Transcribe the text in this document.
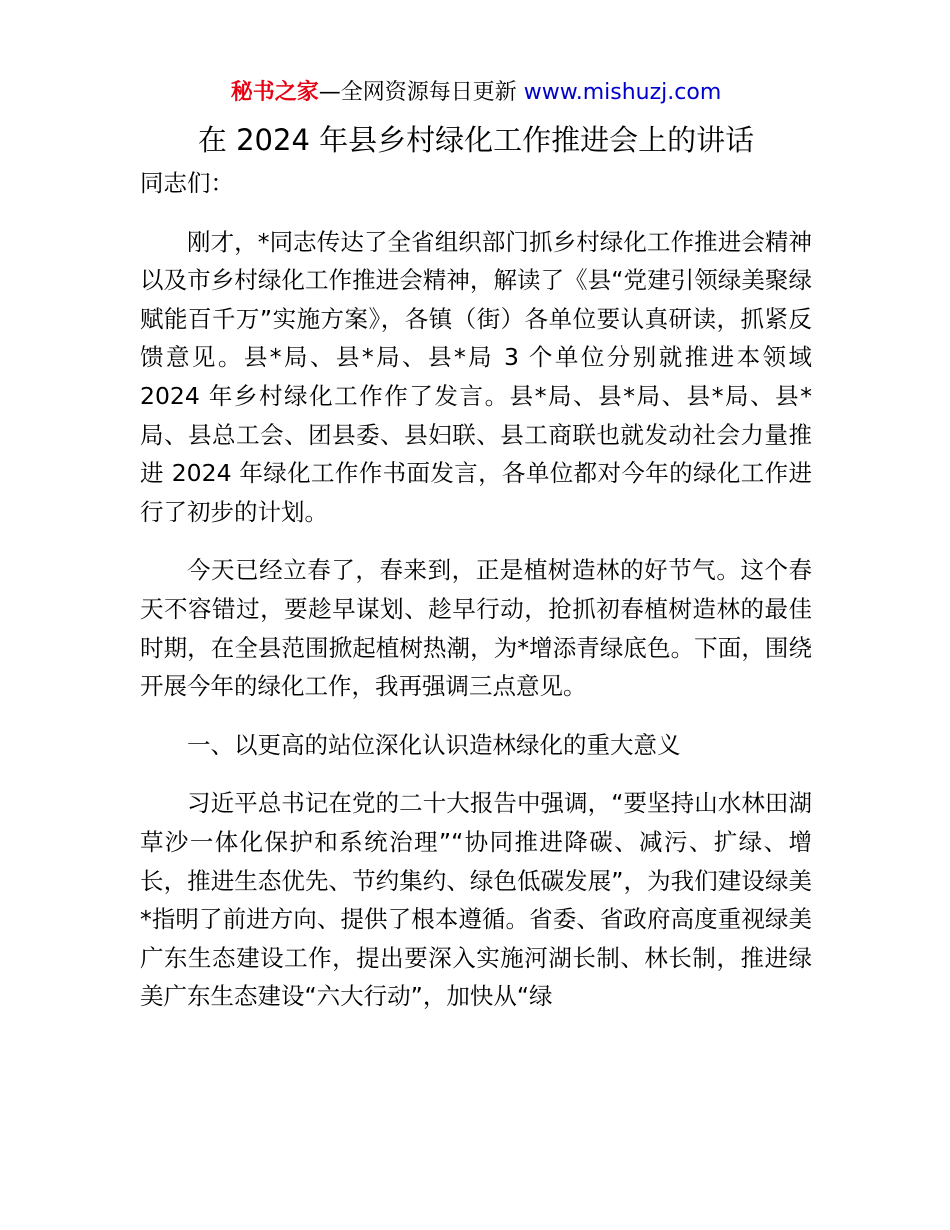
秘书之家—全网资源每日更新 www.mishuzj.com
在 2024 年县乡村绿化工作推进会上的讲话

同志们：

刚才，*同志传达了全省组织部门抓乡村绿化工作推进会精神以及市乡村绿化工作推进会精神，解读了《县“党建引领绿美聚绿赋能百千万”实施方案》，各镇（街）各单位要认真研读，抓紧反馈意见。县*局、县*局、县*局 3 个单位分别就推进本领域 2024 年乡村绿化工作作了发言。县*局、县*局、县*局、县*局、县总工会、团县委、县妇联、县工商联也就发动社会力量推进 2024 年绿化工作作书面发言，各单位都对今年的绿化工作进行了初步的计划。

今天已经立春了，春来到，正是植树造林的好节气。这个春天不容错过，要趁早谋划、趁早行动，抢抓初春植树造林的最佳时期，在全县范围掀起植树热潮，为*增添青绿底色。下面，围绕开展今年的绿化工作，我再强调三点意见。

一、以更高的站位深化认识造林绿化的重大意义

习近平总书记在党的二十大报告中强调，“要坚持山水林田湖草沙一体化保护和系统治理”“协同推进降碳、减污、扩绿、增长，推进生态优先、节约集约、绿色低碳发展”，为我们建设绿美*指明了前进方向、提供了根本遵循。省委、省政府高度重视绿美广东生态建设工作，提出要深入实施河湖长制、林长制，推进绿美广东生态建设“六大行动”，加快从“绿
